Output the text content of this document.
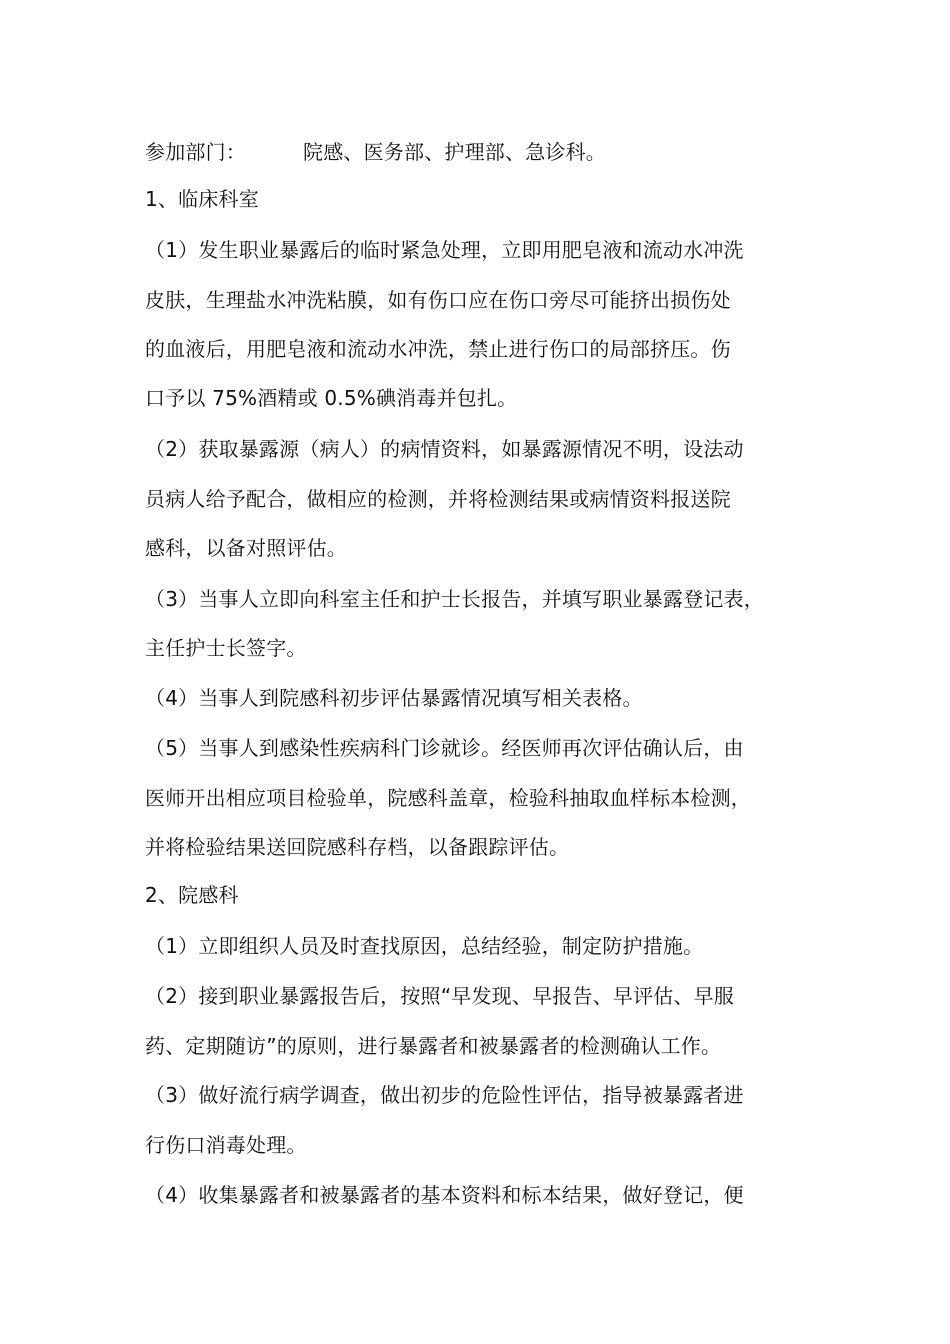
参加部门：	院感、医务部、护理部、急诊科。
1、临床科室
（1）发生职业暴露后的临时紧急处理，立即用肥皂液和流动水冲洗
皮肤，生理盐水冲洗粘膜，如有伤口应在伤口旁尽可能挤出损伤处
的血液后，用肥皂液和流动水冲洗，禁止进行伤口的局部挤压。伤
口予以 75%酒精或 0.5%碘消毒并包扎。
（2）获取暴露源（病人）的病情资料，如暴露源情况不明，设法动
员病人给予配合，做相应的检测，并将检测结果或病情资料报送院
感科，以备对照评估。
（3）当事人立即向科室主任和护士长报告，并填写职业暴露登记表，
主任护士长签字。
（4）当事人到院感科初步评估暴露情况填写相关表格。
（5）当事人到感染性疾病科门诊就诊。经医师再次评估确认后，由
医师开出相应项目检验单，院感科盖章，检验科抽取血样标本检测，
并将检验结果送回院感科存档，以备跟踪评估。
2、院感科
（1）立即组织人员及时查找原因，总结经验，制定防护措施。
（2）接到职业暴露报告后，按照“早发现、早报告、早评估、早服
药、定期随访”的原则，进行暴露者和被暴露者的检测确认工作。
（3）做好流行病学调查，做出初步的危险性评估，指导被暴露者进
行伤口消毒处理。
（4）收集暴露者和被暴露者的基本资料和标本结果，做好登记，便
